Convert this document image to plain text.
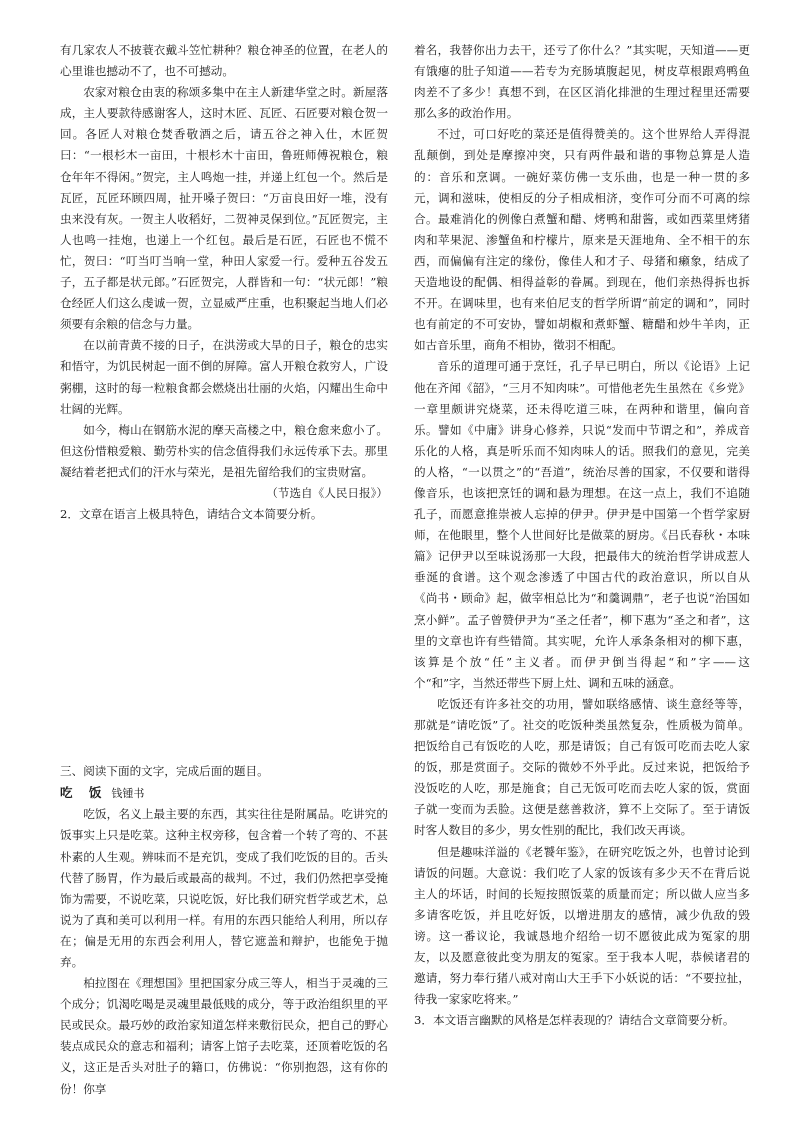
有几家农人不披蓑衣戴斗笠忙耕种？粮仓神圣的位置，在老人的心里谁也撼动不了，也不可撼动。

农家对粮仓由衷的称颂多集中在主人新建华堂之时。新屋落成，主人要款待感谢客人，这时木匠、瓦匠、石匠要对粮仓贺一回。各匠人对粮仓焚香敬酒之后，请五谷之神入仕，木匠贺曰：“一根杉木一亩田，十根杉木十亩田，鲁班师傅祝粮仓，粮仓年年不得闲。”贺完，主人鸣炮一挂，并递上红包一个。然后是瓦匠，瓦匠环顾四周，扯开嗓子贺曰：“万亩良田好一堆，没有虫来没有灰。一贺主人收稻好，二贺神灵保到位。”瓦匠贺完，主人也鸣一挂炮，也递上一个红包。最后是石匠，石匠也不慌不忙，贺曰：“叮当叮当响一堂，种田人家爱一行。爱种五谷发五子，五子都是状元郎。”石匠贺完，人群皆和一句：“状元郎！”粮仓经匠人们这么虔诚一贺，立显威严庄重，也积聚起当地人们必须要有余粮的信念与力量。

在以前青黄不接的日子，在洪涝或大旱的日子，粮仓的忠实和悟守，为饥民树起一面不倒的屏障。富人开粮仓救穷人，广设粥棚，这时的每一粒粮食都会燃烧出壮丽的火焰，闪耀出生命中壮阔的光辉。

如今，梅山在钢筋水泥的摩天高楼之中，粮仓愈来愈小了。但这份惜粮爱粮、勤劳朴实的信念值得我们永远传承下去。那里凝结着老把式们的汗水与荣光，是祖先留给我们的宝贵财富。

（节选自《人民日报》）

2．文章在语言上极具特色，请结合文本简要分析。

三、阅读下面的文字，完成后面的题目。

吃 饭 钱锺书

吃饭，名义上最主要的东西，其实往往是附属品。吃讲究的饭事实上只是吃菜。这种主权旁移，包含着一个转了弯的、不甚朴素的人生观。辨味而不是充饥，变成了我们吃饭的目的。舌头代替了肠胃，作为最后或最高的裁判。不过，我们仍然把享受掩饰为需要，不说吃菜，只说吃饭，好比我们研究哲学或艺术，总说为了真和美可以利用一样。有用的东西只能给人利用，所以存在；偏是无用的东西会利用人，替它遮盖和辩护，也能免于抛弃。

柏拉图在《理想国》里把国家分成三等人，相当于灵魂的三个成分；饥渴吃喝是灵魂里最低贱的成分，等于政治组织里的平民或民众。最巧妙的政治家知道怎样来敷衍民众，把自己的野心装点成民众的意志和福利；请客上馆子去吃菜，还顶着吃饭的名义，这正是舌头对肚子的籍口，仿佛说：“你别抱怨，这有你的份！你享

着名，我替你出力去干，还亏了你什么？”其实呢，天知道——更有饿瘪的肚子知道——若专为充肠填腹起见，树皮草根跟鸡鸭鱼肉差不了多少！真想不到，在区区消化排泄的生理过程里还需要那么多的政治作用。

不过，可口好吃的菜还是值得赞美的。这个世界给人弄得混乱颠倒，到处是摩擦冲突，只有两件最和谐的事物总算是人造的：音乐和烹调。一碗好菜仿佛一支乐曲，也是一种一贯的多元，调和滋味，使相反的分子相成相济，变作可分而不可离的综合。最难消化的例像白煮蟹和醋、烤鸭和甜酱，或如西菜里烤猪肉和苹果泥、渗蟹鱼和柠檬片，原来是天涯地角、全不相干的东西，而偏偏有注定的缘份，像佳人和才子、母猪和癞象，结成了天造地设的配偶、相得益彰的眷属。到现在，他们亲热得拆也拆不开。在调味里，也有来伯尼支的哲学所谓“前定的调和”，同时也有前定的不可安协，譬如胡椒和煮虾蟹、糖醋和炒牛羊肉，正如古音乐里，商角不相协，徵羽不相配。

音乐的道理可通于烹饪，孔子早已明白，所以《论语》上记他在齐闻《韶》，“三月不知肉味”。可惜他老先生虽然在《乡党》一章里颇讲究烧菜，还未得吃道三味，在两种和谐里，偏向音乐。譬如《中庸》讲身心修养，只说“发而中节谓之和”，养成音乐化的人格，真是听乐而不知肉味人的话。照我们的意见，完美的人格，“一以贯之”的“吾道”，统治尽善的国家，不仅要和谐得像音乐，也该把烹饪的调和悬为理想。在这一点上，我们不追随孔子，而愿意推崇被人忘掉的伊尹。伊尹是中国第一个哲学家厨师，在他眼里，整个人世间好比是做菜的厨房。《吕氏春秋・本味篇》记伊尹以至味说汤那一大段，把最伟大的统治哲学讲成惹人垂涎的食谱。这个观念渗透了中国古代的政治意识，所以自从《尚书・顾命》起，做宰相总比为“和羹调鼎”，老子也说“治国如烹小鲜”。孟子曾赞伊尹为“圣之任者”，柳下惠为“圣之和者”，这里的文章也许有些错简。其实呢，允许人承条条相对的柳下惠，该算是个放“任”主义者。而伊尹倒当得起“和”字——这个“和”字，当然还带些下厨上灶、调和五味的涵意。

吃饭还有许多社交的功用，譬如联络感情、谈生意经等等，那就是“请吃饭”了。社交的吃饭种类虽然复杂，性质极为简单。把饭给自己有饭吃的人吃，那是请饭；自己有饭可吃而去吃人家的饭，那是赏面子。交际的微妙不外乎此。反过来说，把饭给予没饭吃的人吃，那是施食；自己无饭可吃而去吃人家的饭，赏面子就一变而为丢脸。这便是慈善救济，算不上交际了。至于请饭时客人数目的多少，男女性别的配比，我们改天再谈。

但是趣味洋溢的《老饕年鉴》，在研究吃饭之外，也曾讨论到请饭的问题。大意说：我们吃了人家的饭该有多少天不在背后说主人的坏话，时间的长短按照饭菜的质量而定；所以做人应当多多请客吃饭，并且吃好饭，以增进朋友的感情，减少仇敌的毁谤。这一番议论，我诚恳地介绍给一切不愿彼此成为冤家的朋友，以及愿意彼此变为朋友的冤家。至于我本人呢，恭候诸君的邀请，努力奉行猪八戒对南山大王手下小妖说的话：“不要拉扯，待我一家家吃将来。”

3．本文语言幽默的风格是怎样表现的？请结合文章简要分析。
